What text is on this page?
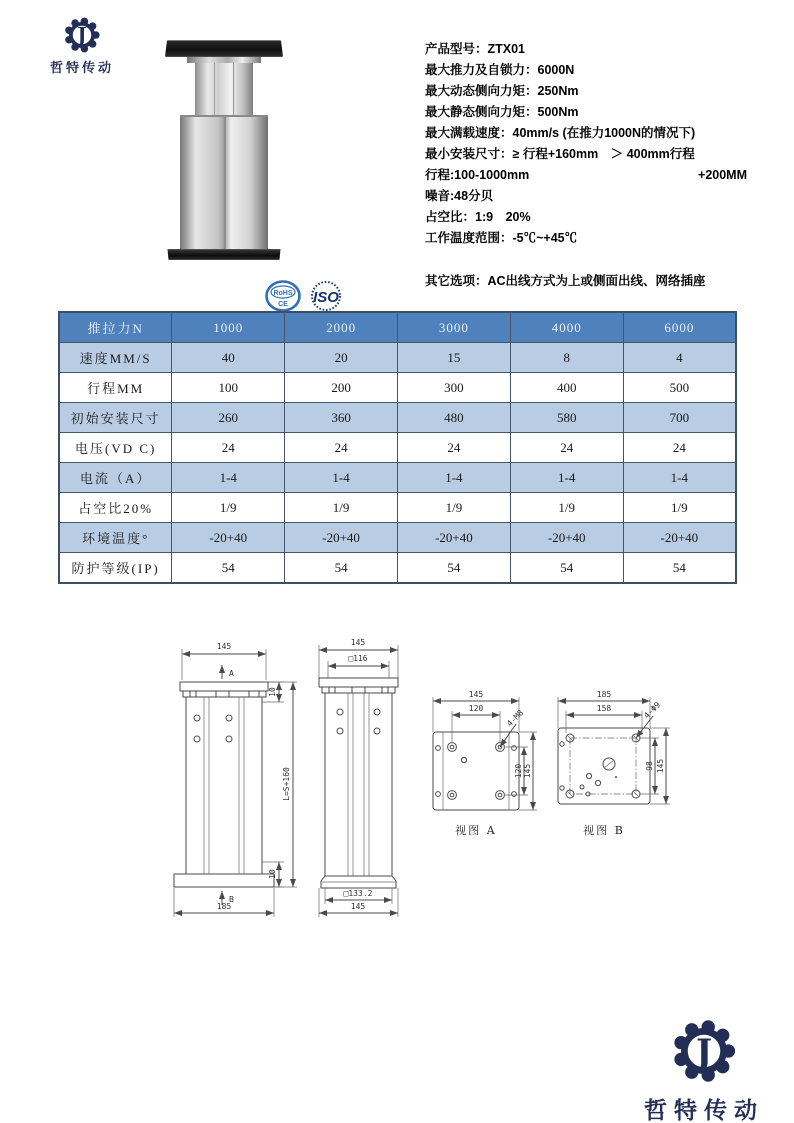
J
哲特传动
产品型号：ZTX01
最大推力及自锁力：6000N
最大动态侧向力矩：250Nm
最大静态侧向力矩：500Nm
最大满载速度：40mm/s (在推力1000N的情况下)
最小安装尺寸：≥ 行程+160mm　＞ 400mm行程
行程:100-1000mm	+200MM
噪音:48分贝
占空比：1:9　20%
工作温度范围：-5℃~+45℃
其它选项：AC出线方式为上或侧面出线、网络插座
RoHS
CE ISO
推拉力N	1000	2000	3000	4000	6000
速度MM/S	40	20	15	8	4
行程MM	100	200	300	400	500
初始安装尺寸	260	360	480	580	700
电压(VD C)	24	24	24	24	24
电流（A）	1-4	1-4	1-4	1-4	1-4
占空比20%	1/9	1/9	1/9	1/9	1/9
环境温度°	-20+40	-20+40	-20+40	-20+40	-20+40
防护等级(IP)	54	54	54	54	54
145
A
B
185
10
10
L=S+160
145
□116
□133.2
145
145
120	4-M8
120 145
视图 A
185
158	4-Φ9
98 145
视图 B
J
哲特传动
